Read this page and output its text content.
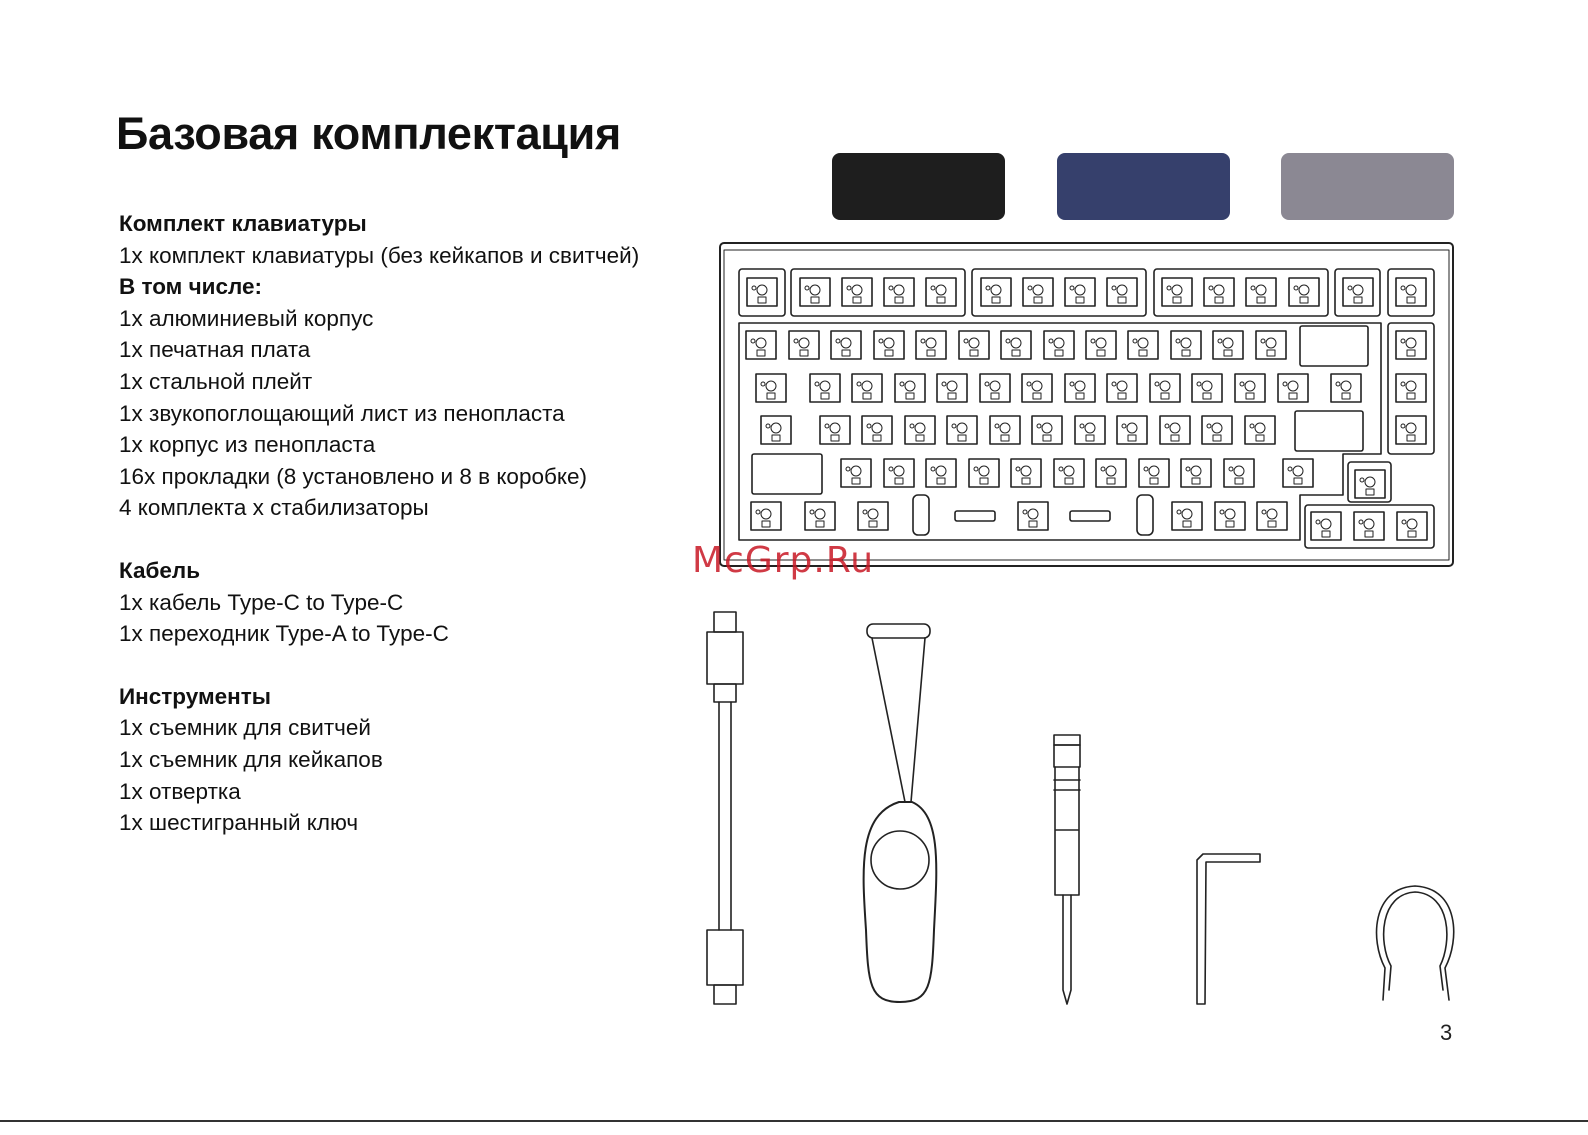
Базовая комплектация
Комплект клавиатуры
1x комплект клавиатуры (без кейкапов и свитчей)
В том числе:
1x алюминиевый корпус
1x печатная плата
1x стальной плейт
1x звукопоглощающий лист из пенопласта
1x корпус из пенопласта
16x прокладки (8 установлено и 8 в коробке)
4 комплекта x стабилизаторы
Кабель
1x кабель Type-C to Type-C
1x переходник Type-A to Type-C
Инструменты
1x съемник для свитчей
1x съемник для кейкапов
1x отвертка
1x шестигранный ключ
McGrp.Ru
3
